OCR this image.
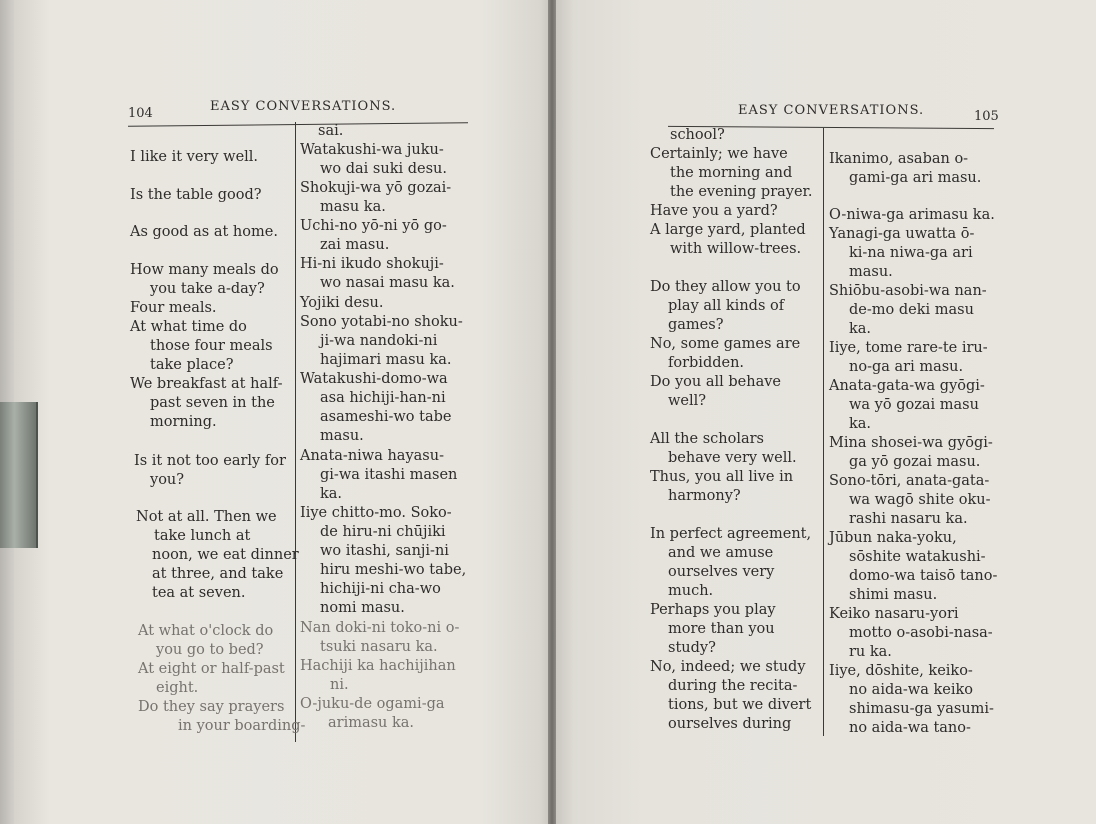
104	EASY CONVERSATIONS.	EASY CONVERSATIONS.	105
I like it very well.
Is the table good?
As good as at home.
How many meals do
you take a-day?
Four meals.
At what time do
those four meals
take place?
We breakfast at half-
past seven in the
morning.
Is it not too early for
you?
Not at all. Then we
take lunch at
noon, we eat dinner
at three, and take
tea at seven.
At what o'clock do
you go to bed?
At eight or half-past
eight.
Do they say prayers
in your boarding-
sai.
Watakushi-wa juku-
wo dai suki desu.
Shokuji-wa yō gozai-
masu ka.
Uchi-no yō-ni yō go-
zai masu.
Hi-ni ikudo shokuji-
wo nasai masu ka.
Yojiki desu.
Sono yotabi-no shoku-
ji-wa nandoki-ni
hajimari masu ka.
Watakushi-domo-wa
asa hichiji-han-ni
asameshi-wo tabe
masu.
Anata-niwa hayasu-
gi-wa itashi masen
ka.
Iiye chitto-mo. Soko-
de hiru-ni chūjiki
wo itashi, sanji-ni
hiru meshi-wo tabe,
hichiji-ni cha-wo
nomi masu.
Nan doki-ni toko-ni o-
tsuki nasaru ka.
Hachiji ka hachijihan
ni.
O-juku-de ogami-ga
arimasu ka.
school?
Certainly; we have
the morning and
the evening prayer.
Have you a yard?
A large yard, planted
with willow-trees.
Do they allow you to
play all kinds of
games?
No, some games are
forbidden.
Do you all behave
well?
All the scholars
behave very well.
Thus, you all live in
harmony?
In perfect agreement,
and we amuse
ourselves very
much.
Perhaps you play
more than you
study?
No, indeed; we study
during the recita-
tions, but we divert
ourselves during
Ikanimo, asaban o-
gami-ga ari masu.
O-niwa-ga arimasu ka.
Yanagi-ga uwatta ō-
ki-na niwa-ga ari
masu.
Shiōbu-asobi-wa nan-
de-mo deki masu
ka.
Iiye, tome rare-te iru-
no-ga ari masu.
Anata-gata-wa gyōgi-
wa yō gozai masu
ka.
Mina shosei-wa gyōgi-
ga yō gozai masu.
Sono-tōri, anata-gata-
wa wagō shite oku-
rashi nasaru ka.
Jūbun naka-yoku,
sōshite watakushi-
domo-wa taisō tano-
shimi masu.
Keiko nasaru-yori
motto o-asobi-nasa-
ru ka.
Iiye, dōshite, keiko-
no aida-wa keiko
shimasu-ga yasumi-
no aida-wa tano-
